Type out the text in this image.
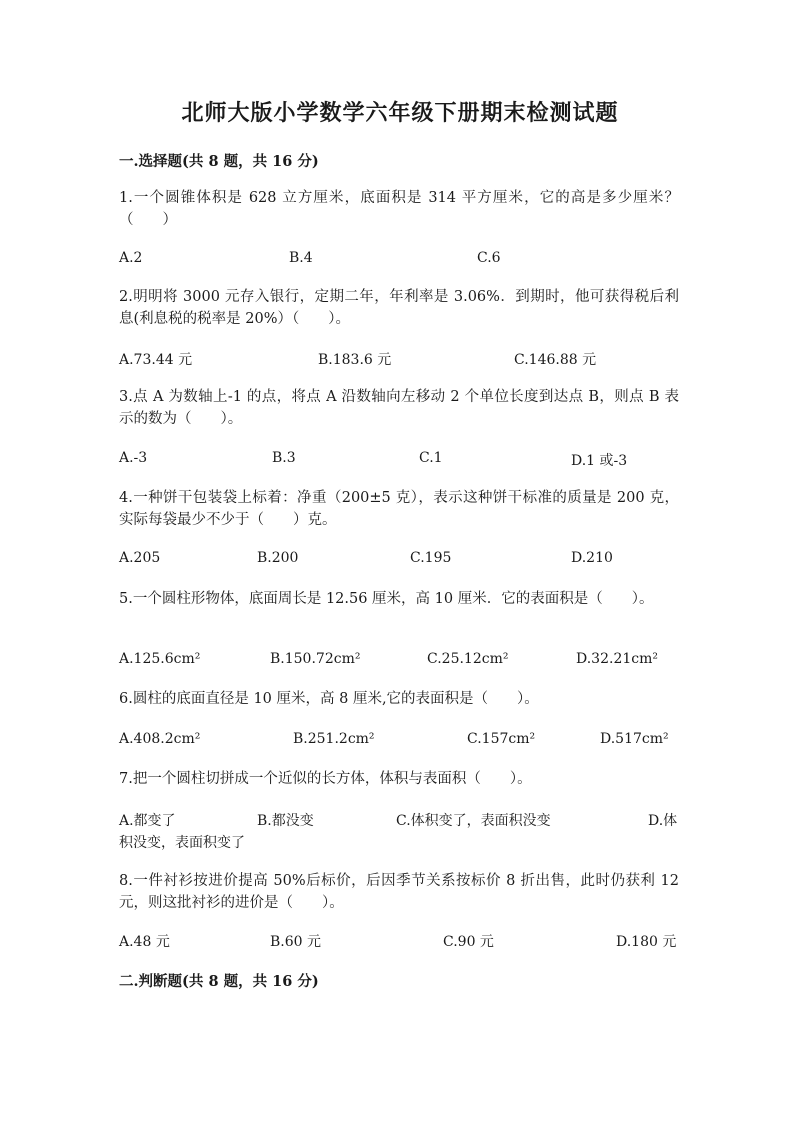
北师大版小学数学六年级下册期末检测试题
一.选择题(共 8 题，共 16 分)
1.一个圆锥体积是 628 立方厘米，底面积是 314 平方厘米，它的高是多少厘米？（　　）
A.2	B.4	C.6
2.明明将 3000 元存入银行，定期二年，年利率是 3.06%．到期时，他可获得税后利息(利息税的税率是 20%）（　　）。
A.73.44 元	B.183.6 元	C.146.88 元
3.点 A 为数轴上-1 的点，将点 A 沿数轴向左移动 2 个单位长度到达点 B，则点 B 表示的数为（　　）。
A.-3	B.3	C.1	D.1 或-3
4.一种饼干包装袋上标着：净重（200±5 克），表示这种饼干标准的质量是 200 克，实际每袋最少不少于（　　）克。
A.205	B.200	C.195	D.210
5.一个圆柱形物体，底面周长是 12.56 厘米，高 10 厘米．它的表面积是（　　）。
A.125.6cm²	B.150.72cm²	C.25.12cm²	D.32.21cm²
6.圆柱的底面直径是 10 厘米，高 8 厘米,它的表面积是（　　）。
A.408.2cm²	B.251.2cm²	C.157cm²	D.517cm²
7.把一个圆柱切拼成一个近似的长方体，体积与表面积（　　）。
A.都变了	B.都没变	C.体积变了，表面积没变	D.体
积没变，表面积变了
8.一件衬衫按进价提高 50%后标价，后因季节关系按标价 8 折出售，此时仍获利 12 元，则这批衬衫的进价是（　　）。
A.48 元	B.60 元	C.90 元	D.180 元
二.判断题(共 8 题，共 16 分)
